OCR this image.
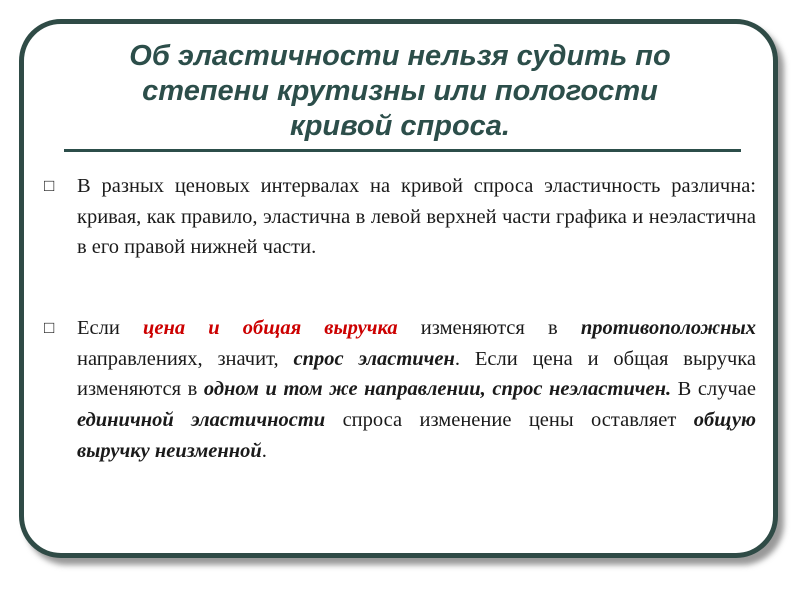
Об эластичности нельзя судить по
степени крутизны или пологости
кривой спроса.
□ В разных ценовых интервалах на кривой спроса эластичность различна: кривая, как правило, эластична в левой верхней части графика и неэластична в его правой нижней части.
□ Если цена и общая выручка изменяются в противоположных направлениях, значит, спрос эластичен. Если цена и общая выручка изменяются в одном и том же направлении, спрос неэластичен. В случае единичной эластичности спроса изменение цены оставляет общую выручку неизменной.
